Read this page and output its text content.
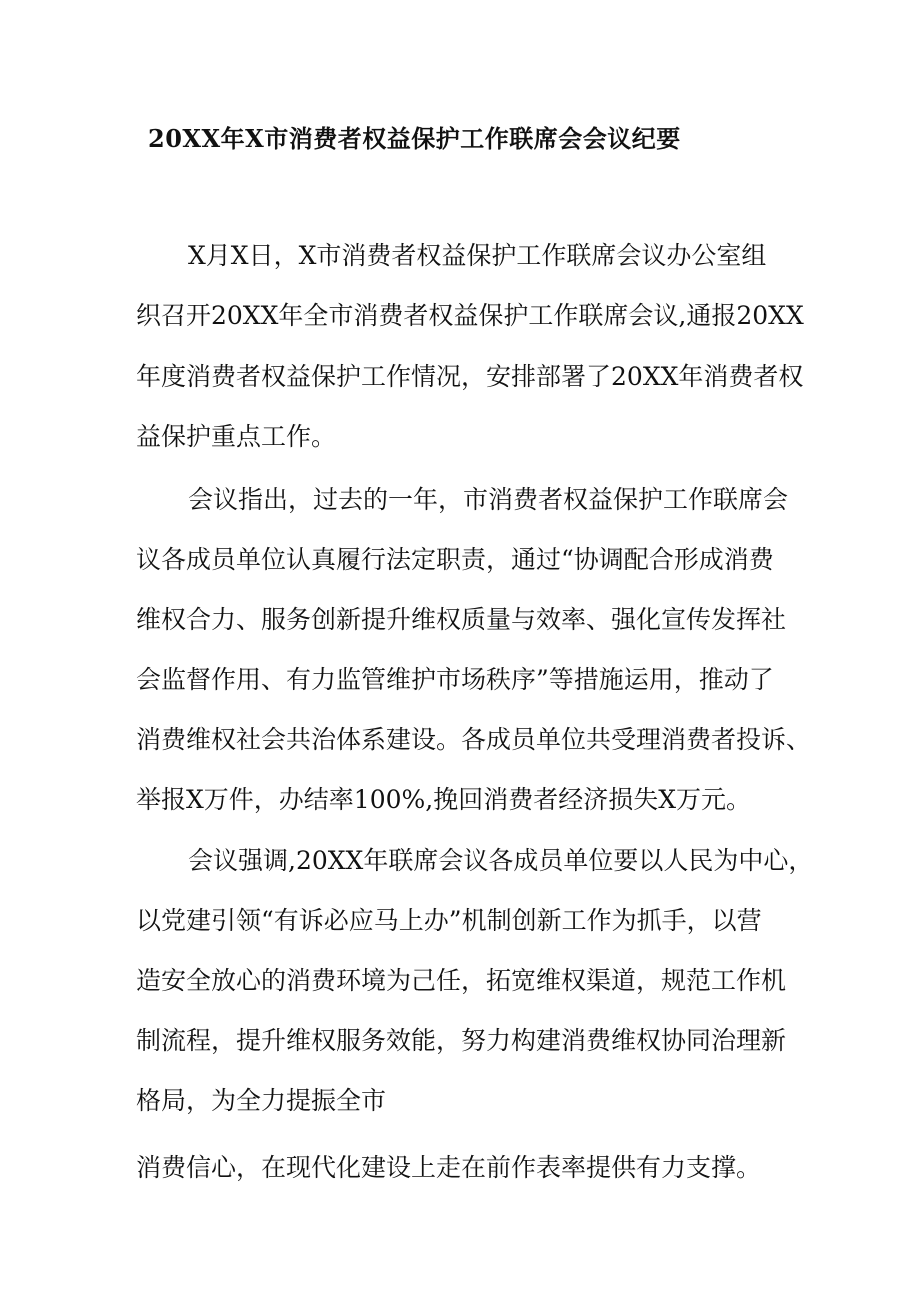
20XX年X市消费者权益保护工作联席会会议纪要
X月X日，X市消费者权益保护工作联席会议办公室组
织召开20XX年全市消费者权益保护工作联席会议,通报20XX
年度消费者权益保护工作情况，安排部署了20XX年消费者权
益保护重点工作。
会议指出，过去的一年，市消费者权益保护工作联席会
议各成员单位认真履行法定职责，通过“协调配合形成消费
维权合力、服务创新提升维权质量与效率、强化宣传发挥社
会监督作用、有力监管维护市场秩序”等措施运用，推动了
消费维权社会共治体系建设。各成员单位共受理消费者投诉、
举报X万件，办结率100%,挽回消费者经济损失X万元。
会议强调,20XX年联席会议各成员单位要以人民为中心，
以党建引领“有诉必应马上办”机制创新工作为抓手，以营
造安全放心的消费环境为己任，拓宽维权渠道，规范工作机
制流程，提升维权服务效能，努力构建消费维权协同治理新
格局，为全力提振全市
消费信心，在现代化建设上走在前作表率提供有力支撑。
